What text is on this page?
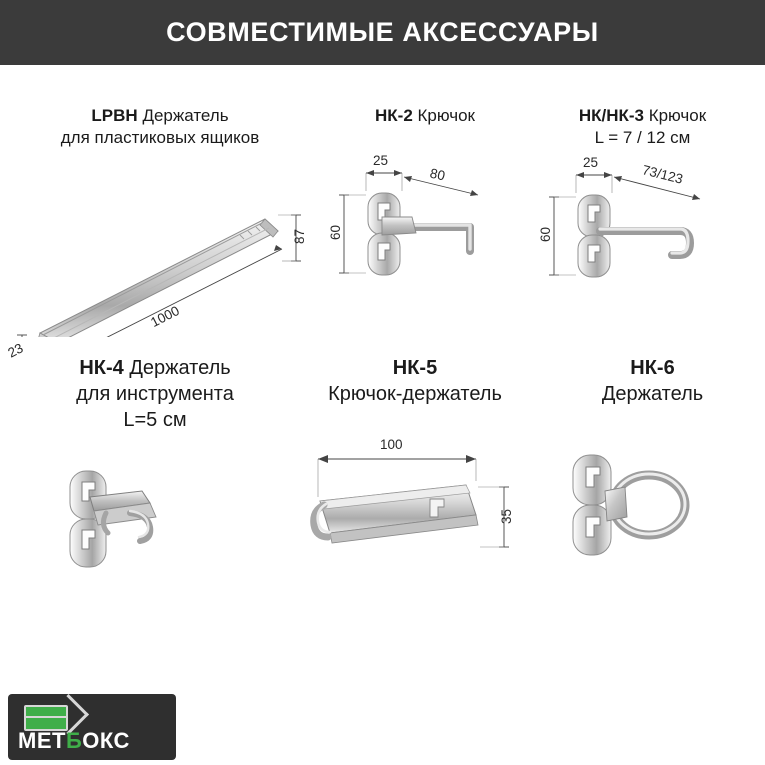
СОВМЕСТИМЫЕ АКСЕССУАРЫ
LPBH Держатель
для пластиковых ящиков
87
1000
23
НК-2 Крючок
25
80
60
НК/НК-3 Крючок
L = 7 / 12 см
25	73/123
60
НК-4 Держатель
для инструмента
L=5 см
НК-5
Крючок-держатель
100
35
НК-6
Держатель
МЕТБОКС
